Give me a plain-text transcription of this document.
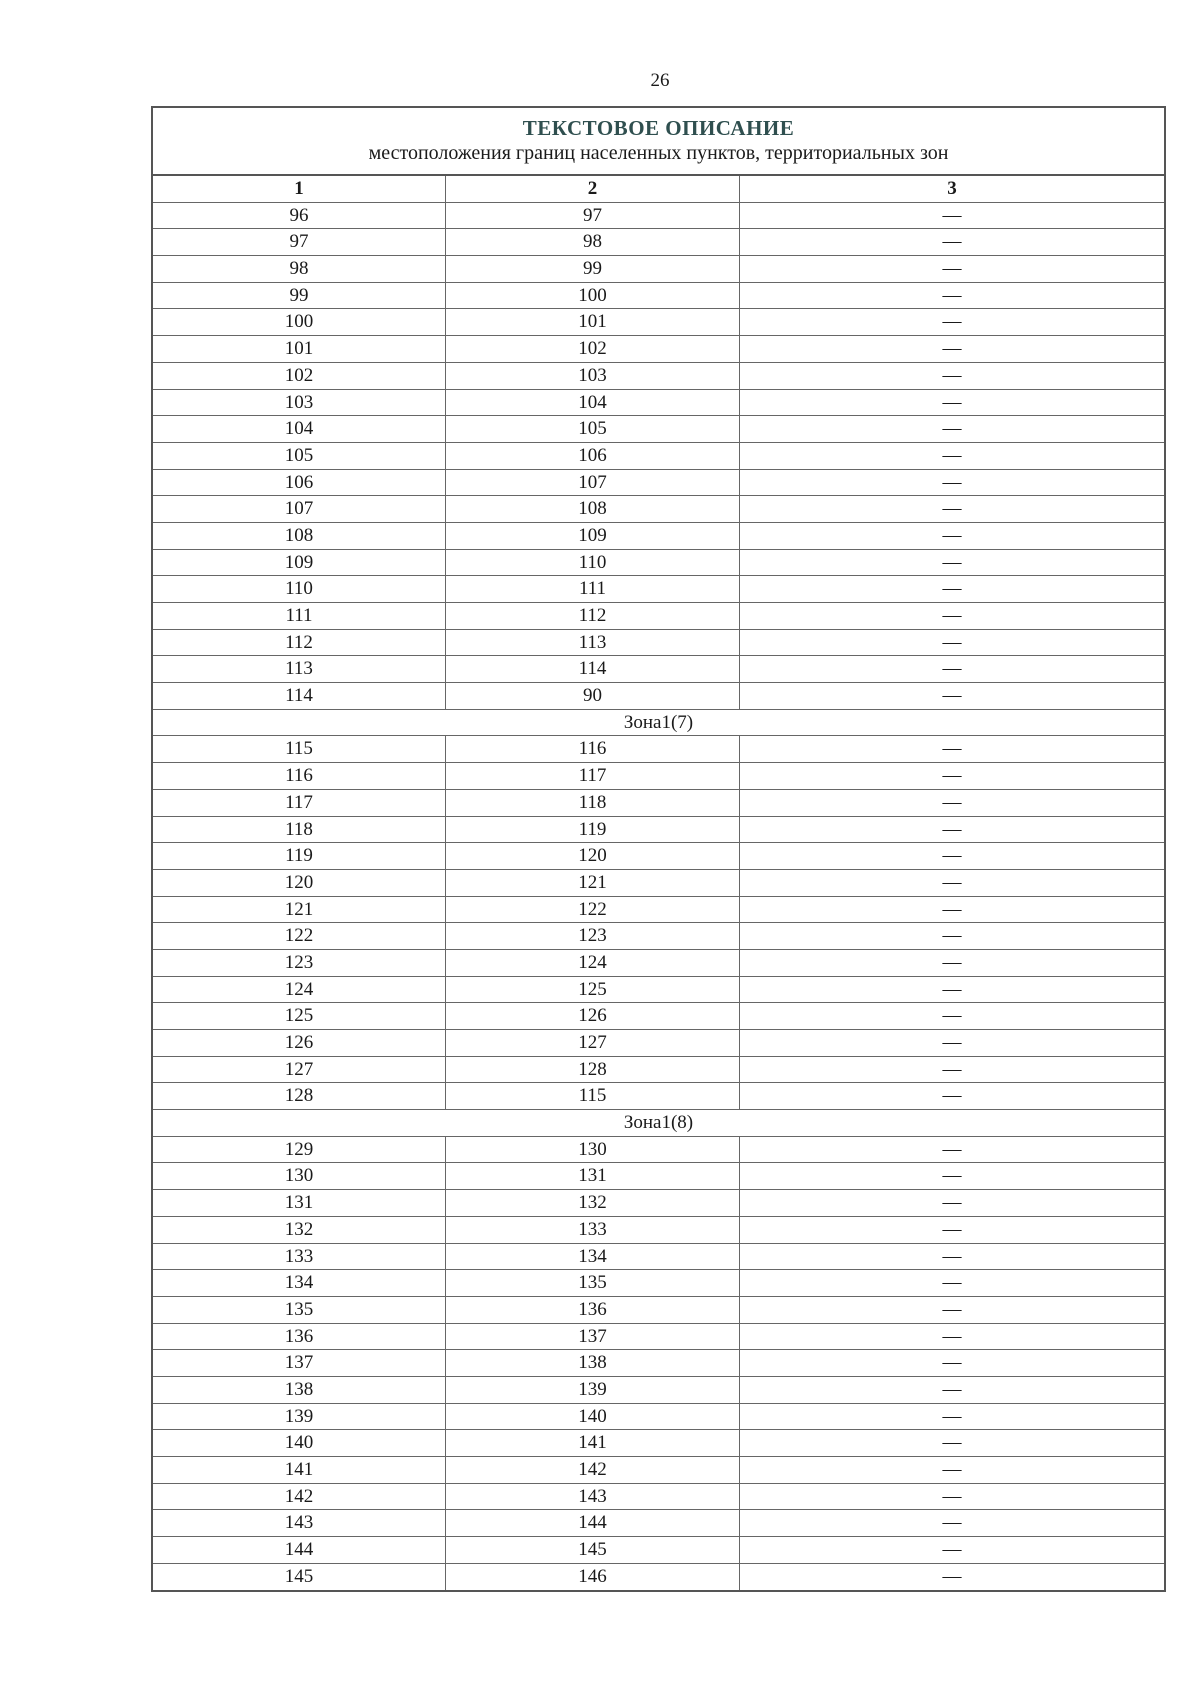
26
ТЕКСТОВОЕ ОПИСАНИЕ
местоположения границ населенных пунктов, территориальных зон
1	2	3
96	97	—
97	98	—
98	99	—
99	100	—
100	101	—
101	102	—
102	103	—
103	104	—
104	105	—
105	106	—
106	107	—
107	108	—
108	109	—
109	110	—
110	111	—
111	112	—
112	113	—
113	114	—
114	90	—
Зона1(7)
115	116	—
116	117	—
117	118	—
118	119	—
119	120	—
120	121	—
121	122	—
122	123	—
123	124	—
124	125	—
125	126	—
126	127	—
127	128	—
128	115	—
Зона1(8)
129	130	—
130	131	—
131	132	—
132	133	—
133	134	—
134	135	—
135	136	—
136	137	—
137	138	—
138	139	—
139	140	—
140	141	—
141	142	—
142	143	—
143	144	—
144	145	—
145	146	—
